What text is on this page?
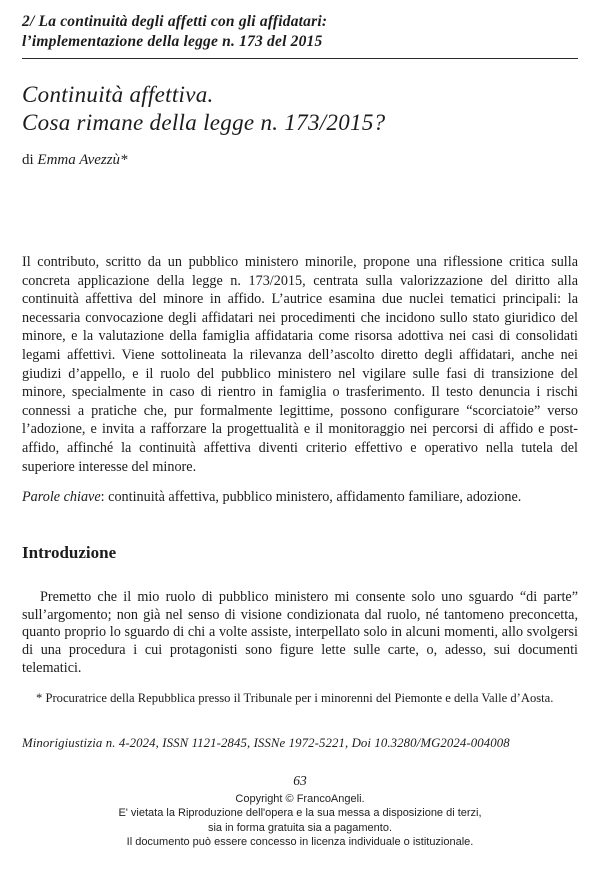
2/ La continuità degli affetti con gli affidatari:
l’implementazione della legge n. 173 del 2015
Continuità affettiva.
Cosa rimane della legge n. 173/2015?
di Emma Avezzù*
Il contributo, scritto da un pubblico ministero minorile, propone una riflessione critica sulla concreta applicazione della legge n. 173/2015, centrata sulla valorizzazione del diritto alla continuità affettiva del minore in affido. L’autrice esamina due nuclei tematici principali: la necessaria convocazione degli affidatari nei procedimenti che incidono sullo stato giuridico del minore, e la valutazione della famiglia affidataria come risorsa adottiva nei casi di consolidati legami affettivi. Viene sottolineata la rilevanza dell’ascolto diretto degli affidatari, anche nei giudizi d’appello, e il ruolo del pubblico ministero nel vigilare sulle fasi di transizione del minore, specialmente in caso di rientro in famiglia o trasferimento. Il testo denuncia i rischi connessi a pratiche che, pur formalmente legittime, possono configurare “scorciatoie” verso l’adozione, e invita a rafforzare la progettualità e il monitoraggio nei percorsi di affido e post-affido, affinché la continuità affettiva diventi criterio effettivo e operativo nella tutela del superiore interesse del minore.
Parole chiave: continuità affettiva, pubblico ministero, affidamento familiare, adozione.
Introduzione
Premetto che il mio ruolo di pubblico ministero mi consente solo uno sguardo “di parte” sull’argomento; non già nel senso di visione condizionata dal ruolo, né tantomeno preconcetta, quanto proprio lo sguardo di chi a volte assiste, interpellato solo in alcuni momenti, allo svolgersi di una procedura i cui protagonisti sono figure lette sulle carte, o, adesso, sui documenti telematici.
* Procuratrice della Repubblica presso il Tribunale per i minorenni del Piemonte e della Valle d’Aosta.
Minorigiustizia n. 4-2024, ISSN 1121-2845, ISSNe 1972-5221, Doi 10.3280/MG2024-004008
63
Copyright © FrancoAngeli.
E' vietata la Riproduzione dell'opera e la sua messa a disposizione di terzi,
sia in forma gratuita sia a pagamento.
Il documento può essere concesso in licenza individuale o istituzionale.
